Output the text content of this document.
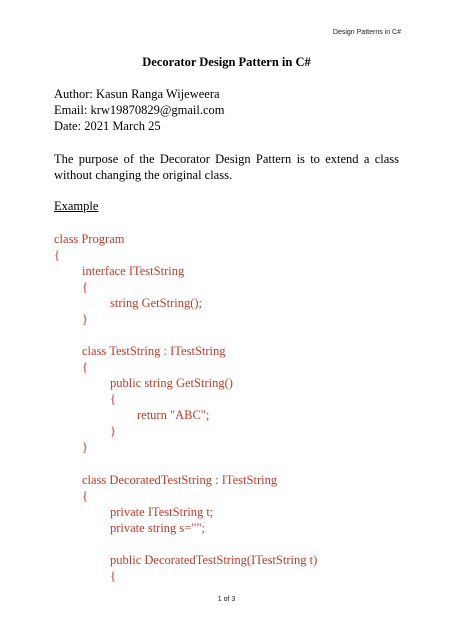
Design Patterns in C#
Decorator Design Pattern in C#
Author: Kasun Ranga Wijeweera
Email: krw19870829@gmail.com
Date: 2021 March 25
The purpose of the Decorator Design Pattern is to extend a class without changing the original class.
Example
class Program
{
interface ITestString
{
string GetString();
}
class TestString : ITestString
{
public string GetString()
{
return "ABC";
}
}
class DecoratedTestString : ITestString
{
private ITestString t;
private string s="";
public DecoratedTestString(ITestString t)
{
1 of 3
